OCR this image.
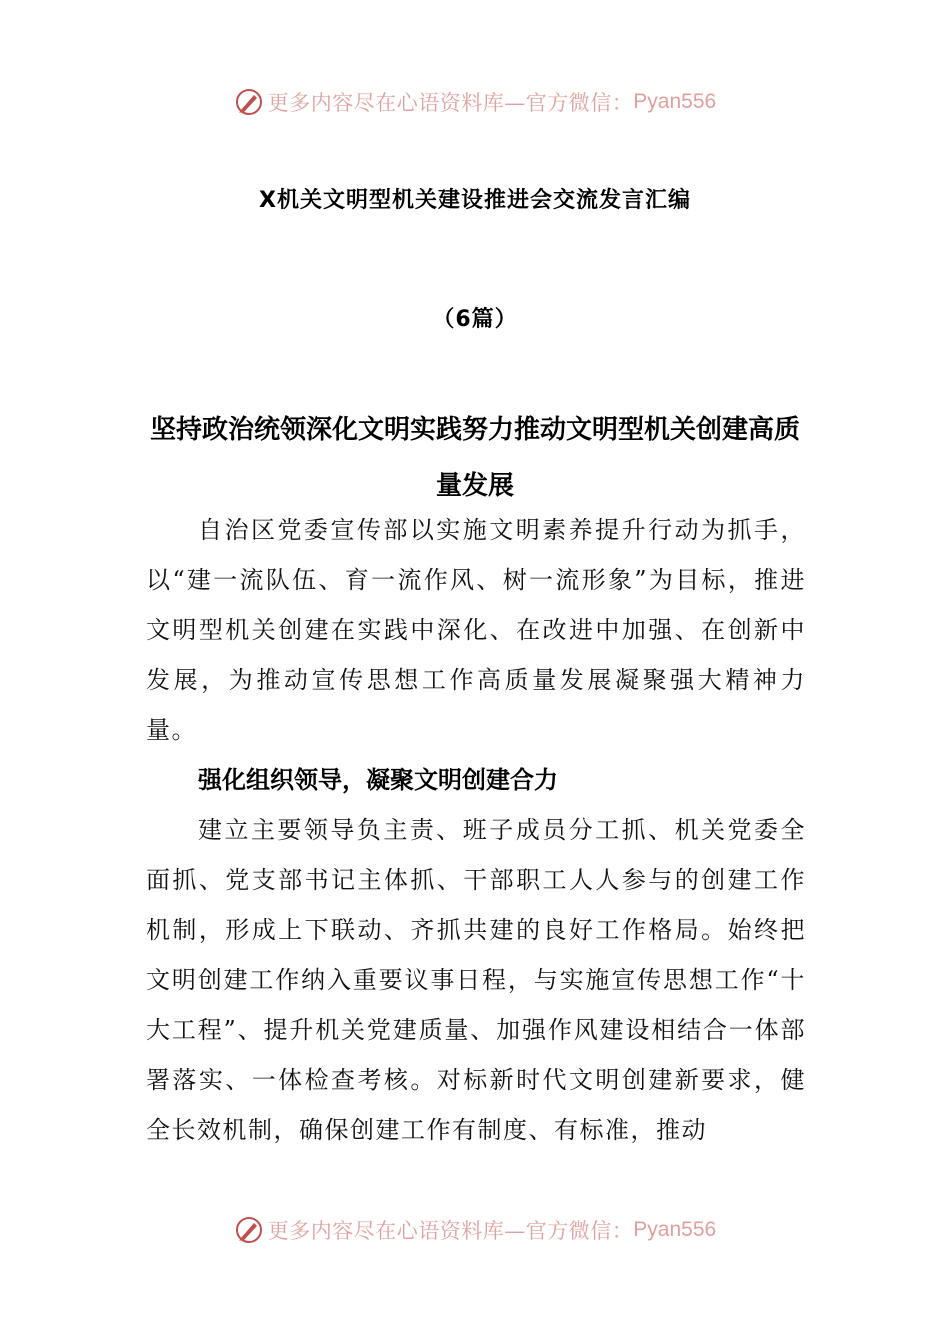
更多内容尽在心语资料库—官方微信： Pyan556
X机关文明型机关建设推进会交流发言汇编
（6篇）
坚持政治统领深化文明实践努力推动文明型机关创建高质
量发展

自治区党委宣传部以实施文明素养提升行动为抓手，以“建一流队伍、育一流作风、树一流形象”为目标，推进文明型机关创建在实践中深化、在改进中加强、在创新中发展，为推动宣传思想工作高质量发展凝聚强大精神力量。

强化组织领导，凝聚文明创建合力

建立主要领导负主责、班子成员分工抓、机关党委全面抓、党支部书记主体抓、干部职工人人参与的创建工作机制，形成上下联动、齐抓共建的良好工作格局。始终把文明创建工作纳入重要议事日程，与实施宣传思想工作“十大工程”、提升机关党建质量、加强作风建设相结合一体部署落实、一体检查考核。对标新时代文明创建新要求，健全长效机制，确保创建工作有制度、有标准，推动

更多内容尽在心语资料库—官方微信： Pyan556
